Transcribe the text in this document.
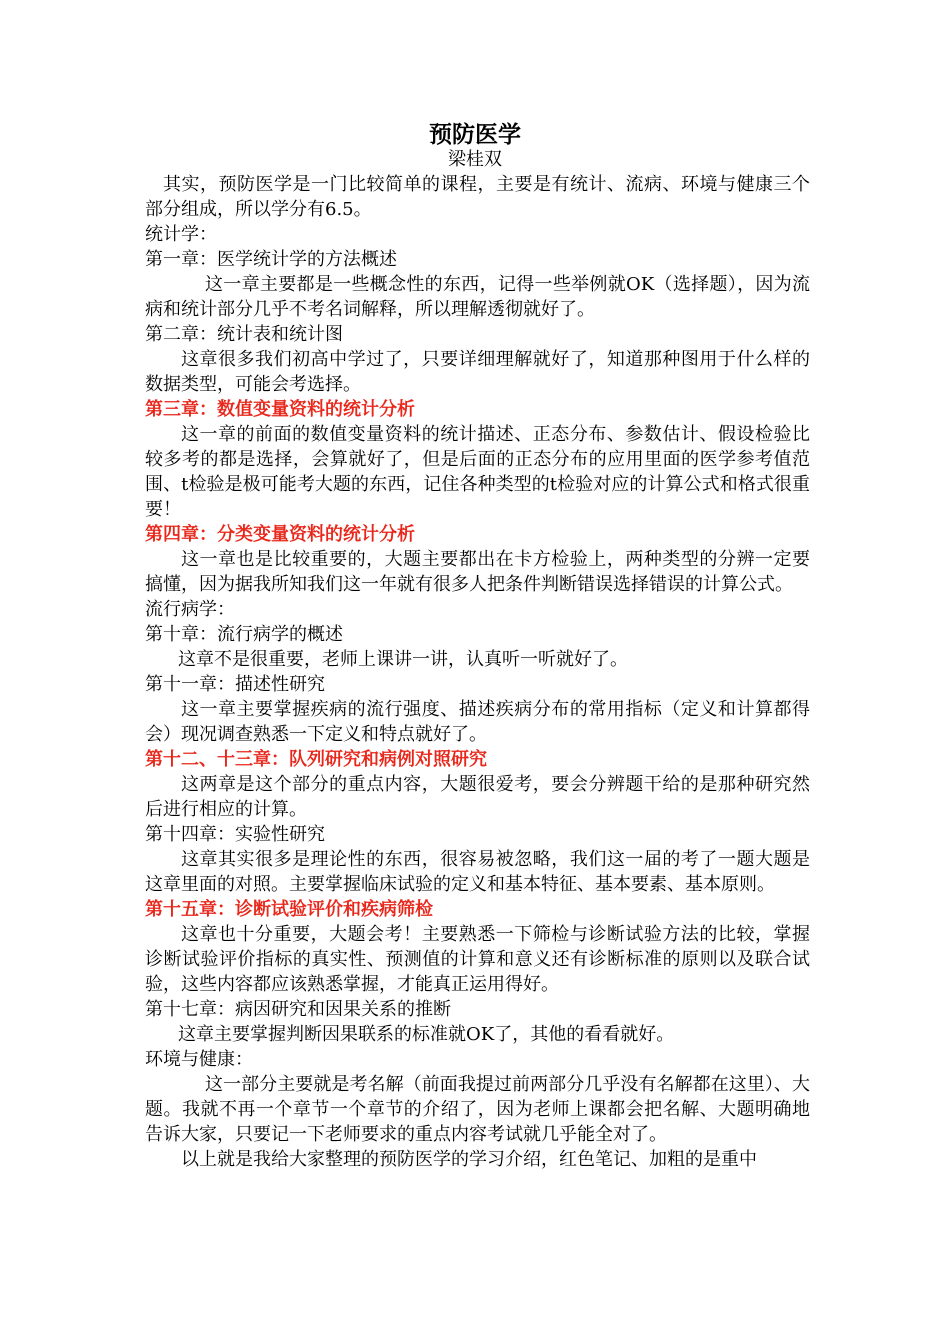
预防医学
梁桂双

其实，预防医学是一门比较简单的课程，主要是有统计、流病、环境与健康三个部分组成，所以学分有6.5。

统计学：

第一章：医学统计学的方法概述

这一章主要都是一些概念性的东西，记得一些举例就OK（选择题），因为流病和统计部分几乎不考名词解释，所以理解透彻就好了。

第二章：统计表和统计图

这章很多我们初高中学过了，只要详细理解就好了，知道那种图用于什么样的数据类型，可能会考选择。

第三章：数值变量资料的统计分析

这一章的前面的数值变量资料的统计描述、正态分布、参数估计、假设检验比较多考的都是选择，会算就好了，但是后面的正态分布的应用里面的医学参考值范围、t检验是极可能考大题的东西，记住各种类型的t检验对应的计算公式和格式很重要！

第四章：分类变量资料的统计分析

这一章也是比较重要的，大题主要都出在卡方检验上，两种类型的分辨一定要搞懂，因为据我所知我们这一年就有很多人把条件判断错误选择错误的计算公式。

流行病学：

第十章：流行病学的概述

这章不是很重要，老师上课讲一讲，认真听一听就好了。

第十一章：描述性研究

这一章主要掌握疾病的流行强度、描述疾病分布的常用指标（定义和计算都得会）现况调查熟悉一下定义和特点就好了。

第十二、十三章：队列研究和病例对照研究

这两章是这个部分的重点内容，大题很爱考，要会分辨题干给的是那种研究然后进行相应的计算。

第十四章：实验性研究

这章其实很多是理论性的东西，很容易被忽略，我们这一届的考了一题大题是这章里面的对照。主要掌握临床试验的定义和基本特征、基本要素、基本原则。

第十五章：诊断试验评价和疾病筛检

这章也十分重要，大题会考！主要熟悉一下筛检与诊断试验方法的比较，掌握诊断试验评价指标的真实性、预测值的计算和意义还有诊断标准的原则以及联合试验，这些内容都应该熟悉掌握，才能真正运用得好。

第十七章：病因研究和因果关系的推断

这章主要掌握判断因果联系的标准就OK了，其他的看看就好。

环境与健康：

这一部分主要就是考名解（前面我提过前两部分几乎没有名解都在这里）、大题。我就不再一个章节一个章节的介绍了，因为老师上课都会把名解、大题明确地告诉大家，只要记一下老师要求的重点内容考试就几乎能全对了。

以上就是我给大家整理的预防医学的学习介绍，红色笔记、加粗的是重中
